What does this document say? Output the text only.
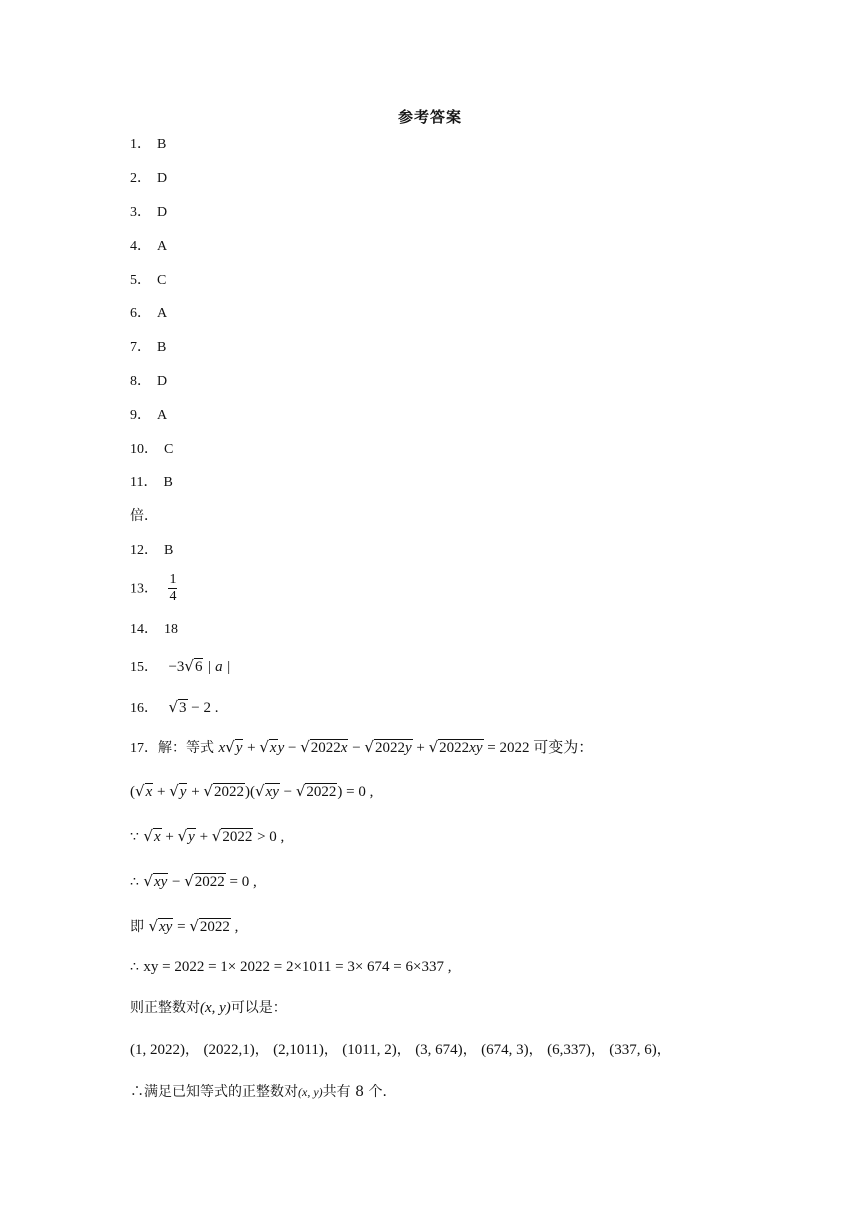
参考答案
1． B
2． D
3． D
4． A
5． C
6． A
7． B
8． D
9． A
10． C
11． B
倍．
12． B
13． $\frac{1}{4}$
14． 18
15． −3√6 | a |
16． √3 − 2 .
17．解：等式 x√y + √xy − √2022x − √2022y + √2022xy = 2022 可变为：
(√x + √y + √2022)(√xy − √2022) = 0 ,
∵ √x + √y + √2022 > 0 ,
∴ √xy − √2022 = 0 ,
即 √xy = √2022 ,
∴ xy = 2022 = 1× 2022 = 2×1011 = 3× 674 = 6×337 ,
则正整数对(x, y)可以是：
(1, 2022)， (2022,1)， (2,1011)， (1011, 2)， (3, 674)， (674, 3)， (6,337)， (337, 6)，
∴满足已知等式的正整数对(x, y)共有 8 个．
